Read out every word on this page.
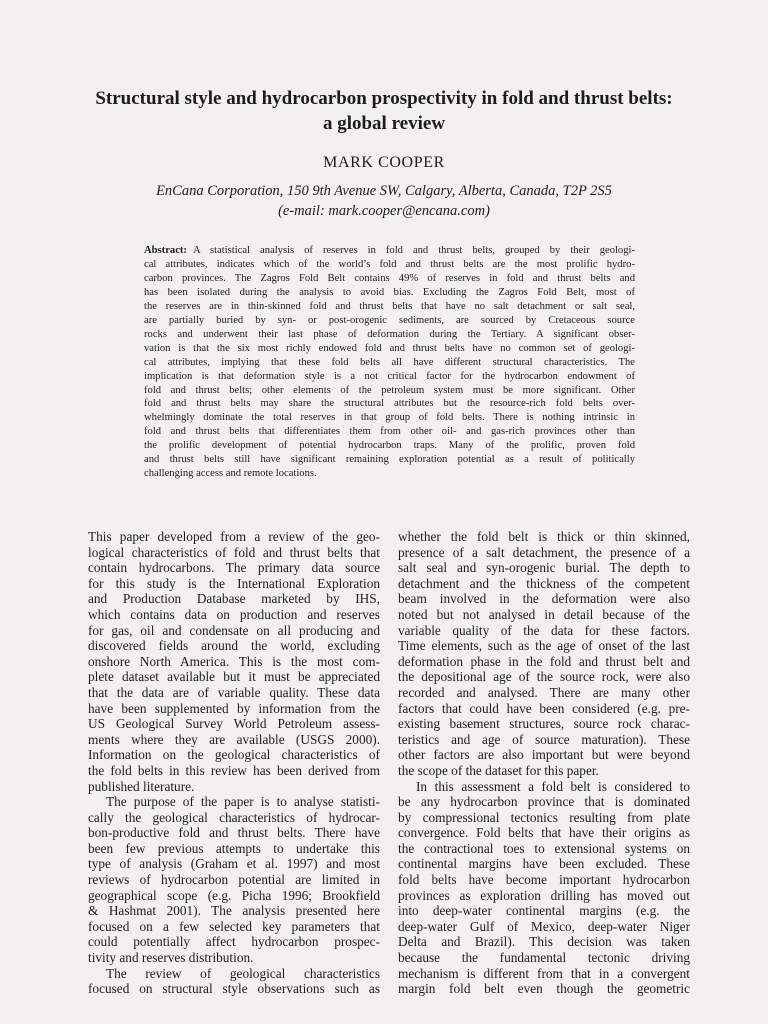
Structural style and hydrocarbon prospectivity in fold and thrust belts:
a global review
MARK COOPER
EnCana Corporation, 150 9th Avenue SW, Calgary, Alberta, Canada, T2P 2S5
(e-mail: mark.cooper@encana.com)
Abstract: A statistical analysis of reserves in fold and thrust belts, grouped by their geologi-
cal attributes, indicates which of the world’s fold and thrust belts are the most prolific hydro-
carbon provinces. The Zagros Fold Belt contains 49% of reserves in fold and thrust belts and
has been isolated during the analysis to avoid bias. Excluding the Zagros Fold Belt, most of
the reserves are in thin-skinned fold and thrust belts that have no salt detachment or salt seal,
are partially buried by syn- or post-orogenic sediments, are sourced by Cretaceous source
rocks and underwent their last phase of deformation during the Tertiary. A significant obser-
vation is that the six most richly endowed fold and thrust belts have no common set of geologi-
cal attributes, implying that these fold belts all have different structural characteristics. The
implication is that deformation style is a not critical factor for the hydrocarbon endowment of
fold and thrust belts; other elements of the petroleum system must be more significant. Other
fold and thrust belts may share the structural attributes but the resource-rich fold belts over-
whelmingly dominate the total reserves in that group of fold belts. There is nothing intrinsic in
fold and thrust belts that differentiates them from other oil- and gas-rich provinces other than
the prolific development of potential hydrocarbon traps. Many of the prolific, proven fold
and thrust belts still have significant remaining exploration potential as a result of politically
challenging access and remote locations.
This paper developed from a review of the geo-
logical characteristics of fold and thrust belts that
contain hydrocarbons. The primary data source
for this study is the International Exploration
and Production Database marketed by IHS,
which contains data on production and reserves
for gas, oil and condensate on all producing and
discovered fields around the world, excluding
onshore North America. This is the most com-
plete dataset available but it must be appreciated
that the data are of variable quality. These data
have been supplemented by information from the
US Geological Survey World Petroleum assess-
ments where they are available (USGS 2000).
Information on the geological characteristics of
the fold belts in this review has been derived from
published literature.
The purpose of the paper is to analyse statisti-
cally the geological characteristics of hydrocar-
bon-productive fold and thrust belts. There have
been few previous attempts to undertake this
type of analysis (Graham et al. 1997) and most
reviews of hydrocarbon potential are limited in
geographical scope (e.g. Picha 1996; Brookfield
& Hashmat 2001). The analysis presented here
focused on a few selected key parameters that
could potentially affect hydrocarbon prospec-
tivity and reserves distribution.
The review of geological characteristics
focused on structural style observations such as
whether the fold belt is thick or thin skinned,
presence of a salt detachment, the presence of a
salt seal and syn-orogenic burial. The depth to
detachment and the thickness of the competent
beam involved in the deformation were also
noted but not analysed in detail because of the
variable quality of the data for these factors.
Time elements, such as the age of onset of the last
deformation phase in the fold and thrust belt and
the depositional age of the source rock, were also
recorded and analysed. There are many other
factors that could have been considered (e.g. pre-
existing basement structures, source rock charac-
teristics and age of source maturation). These
other factors are also important but were beyond
the scope of the dataset for this paper.
In this assessment a fold belt is considered to
be any hydrocarbon province that is dominated
by compressional tectonics resulting from plate
convergence. Fold belts that have their origins as
the contractional toes to extensional systems on
continental margins have been excluded. These
fold belts have become important hydrocarbon
provinces as exploration drilling has moved out
into deep-water continental margins (e.g. the
deep-water Gulf of Mexico, deep-water Niger
Delta and Brazil). This decision was taken
because the fundamental tectonic driving
mechanism is different from that in a convergent
margin fold belt even though the geometric
